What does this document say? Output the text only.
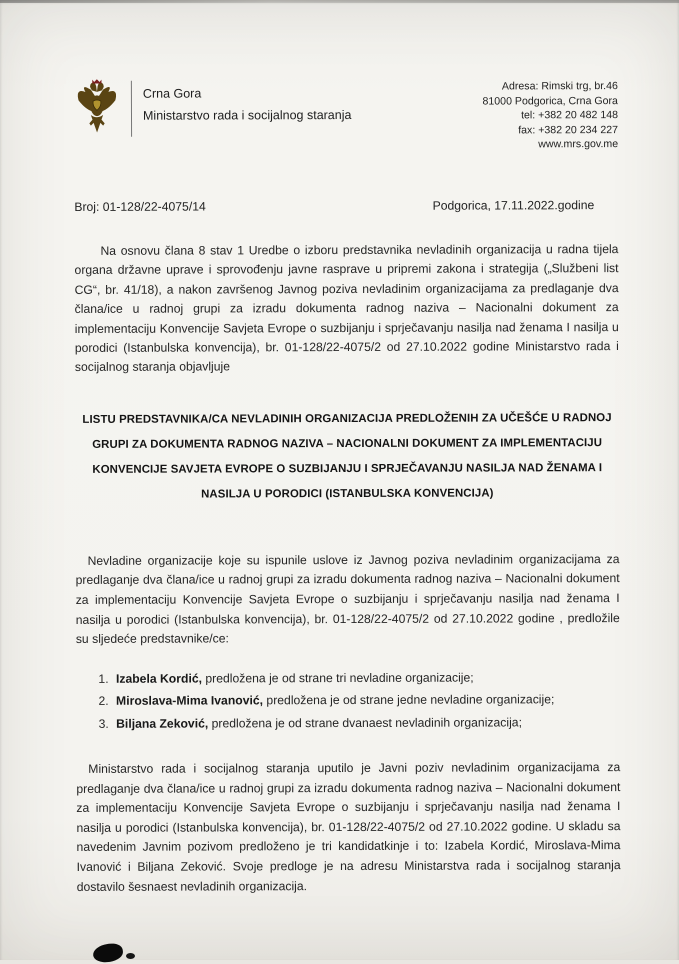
Crna Gora
Ministarstvo rada i socijalnog staranja
Adresa: Rimski trg, br.46
81000 Podgorica, Crna Gora
tel: +382 20 482 148
fax: +382 20 234 227
www.mrs.gov.me
Broj: 01-128/22-4075/14	Podgorica, 17.11.2022.godine

Na osnovu člana 8 stav 1 Uredbe o izboru predstavnika nevladinih organizacija u radna tijela organa državne uprave i sprovođenju javne rasprave u pripremi zakona i strategija („Službeni list CG“, br. 41/18), a nakon završenog Javnog poziva nevladinim organizacijama za predlaganje dva člana/ice u radnoj grupi za izradu dokumenta radnog naziva – Nacionalni dokument za implementaciju Konvencije Savjeta Evrope o suzbijanju i sprječavanju nasilja nad ženama I nasilja u porodici (Istanbulska konvencija), br. 01-128/22-4075/2 od 27.10.2022 godine Ministarstvo rada i socijalnog staranja objavljuje

LISTU PREDSTAVNIKA/CA NEVLADINIH ORGANIZACIJA PREDLOŽENIH ZA UČEŠĆE U RADNOJ GRUPI ZA DOKUMENTA RADNOG NAZIVA – NACIONALNI DOKUMENT ZA IMPLEMENTACIJU KONVENCIJE SAVJETA EVROPE O SUZBIJANJU I SPRJEČAVANJU NASILJA NAD ŽENAMA I NASILJA U PORODICI (ISTANBULSKA KONVENCIJA)

Nevladine organizacije koje su ispunile uslove iz Javnog poziva nevladinim organizacijama za predlaganje dva člana/ice u radnoj grupi za izradu dokumenta radnog naziva – Nacionalni dokument za implementaciju Konvencije Savjeta Evrope o suzbijanju i sprječavanju nasilja nad ženama I nasilja u porodici (Istanbulska konvencija), br. 01-128/22-4075/2 od 27.10.2022 godine , predložile su sljedeće predstavnike/ce:

1. Izabela Kordić, predložena je od strane tri nevladine organizacije;
2. Miroslava-Mima Ivanović, predložena je od strane jedne nevladine organizacije;
3. Biljana Zeković, predložena je od strane dvanaest nevladinih organizacija;

Ministarstvo rada i socijalnog staranja uputilo je Javni poziv nevladinim organizacijama za predlaganje dva člana/ice u radnoj grupi za izradu dokumenta radnog naziva – Nacionalni dokument za implementaciju Konvencije Savjeta Evrope o suzbijanju i sprječavanju nasilja nad ženama I nasilja u porodici (Istanbulska konvencija), br. 01-128/22-4075/2 od 27.10.2022 godine. U skladu sa navedenim Javnim pozivom predloženo je tri kandidatkinje i to: Izabela Kordić, Miroslava-Mima Ivanović i Biljana Zeković. Svoje predloge je na adresu Ministarstva rada i socijalnog staranja dostavilo šesnaest nevladinih organizacija.
